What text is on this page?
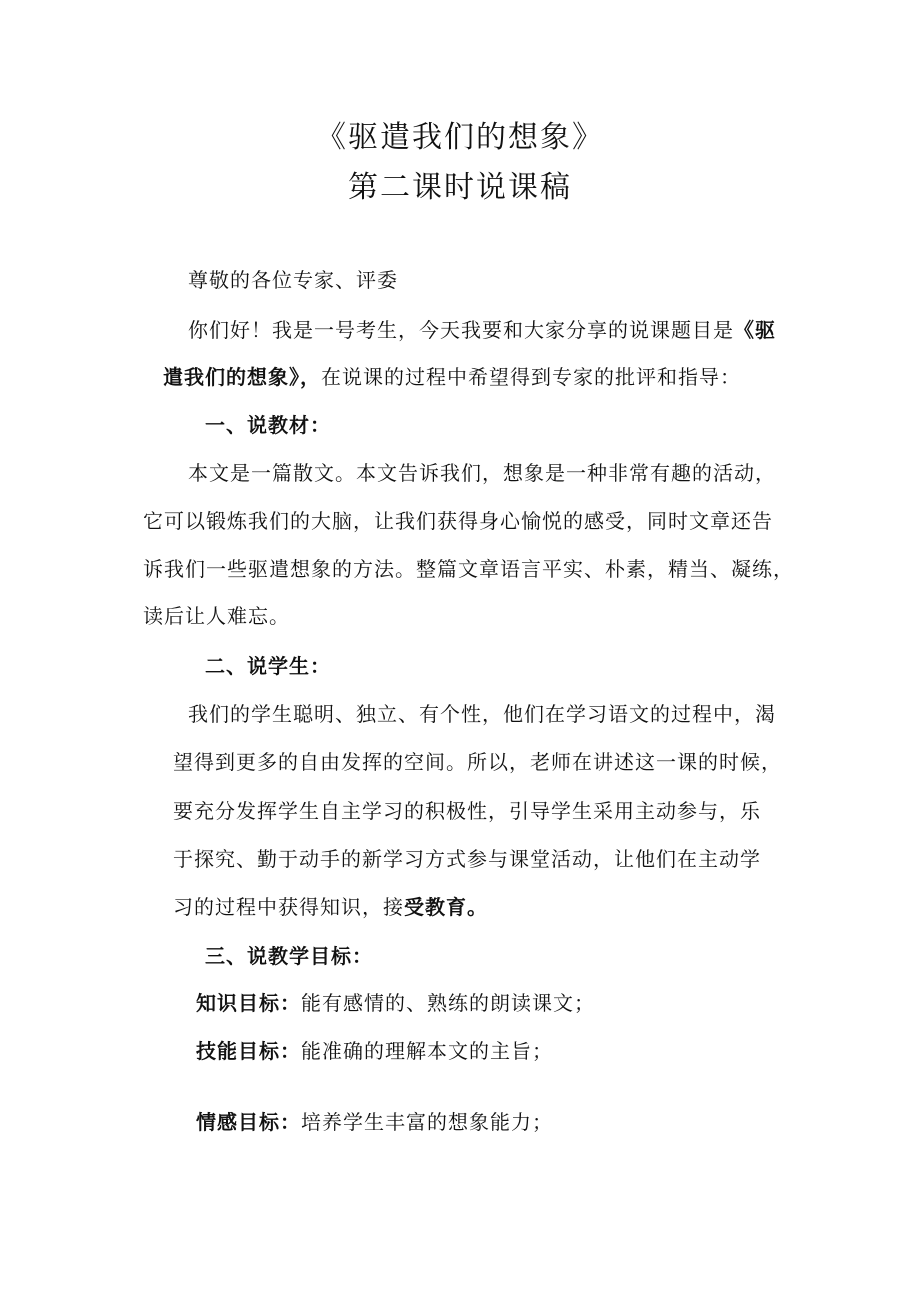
《驱遣我们的想象》
第二课时说课稿
尊敬的各位专家、评委
你们好！我是一号考生，今天我要和大家分享的说课题目是《驱
遣我们的想象》，在说课的过程中希望得到专家的批评和指导：
一、说教材：
本文是一篇散文。本文告诉我们，想象是一种非常有趣的活动，
它可以锻炼我们的大脑，让我们获得身心愉悦的感受，同时文章还告
诉我们一些驱遣想象的方法。整篇文章语言平实、朴素，精当、凝练，
读后让人难忘。
二、说学生：
我们的学生聪明、独立、有个性，他们在学习语文的过程中，渴
望得到更多的自由发挥的空间。所以，老师在讲述这一课的时候，
要充分发挥学生自主学习的积极性，引导学生采用主动参与，乐
于探究、勤于动手的新学习方式参与课堂活动，让他们在主动学
习的过程中获得知识，接受教育。
三、说教学目标：
知识目标：能有感情的、熟练的朗读课文；
技能目标：能准确的理解本文的主旨；
情感目标：培养学生丰富的想象能力；
